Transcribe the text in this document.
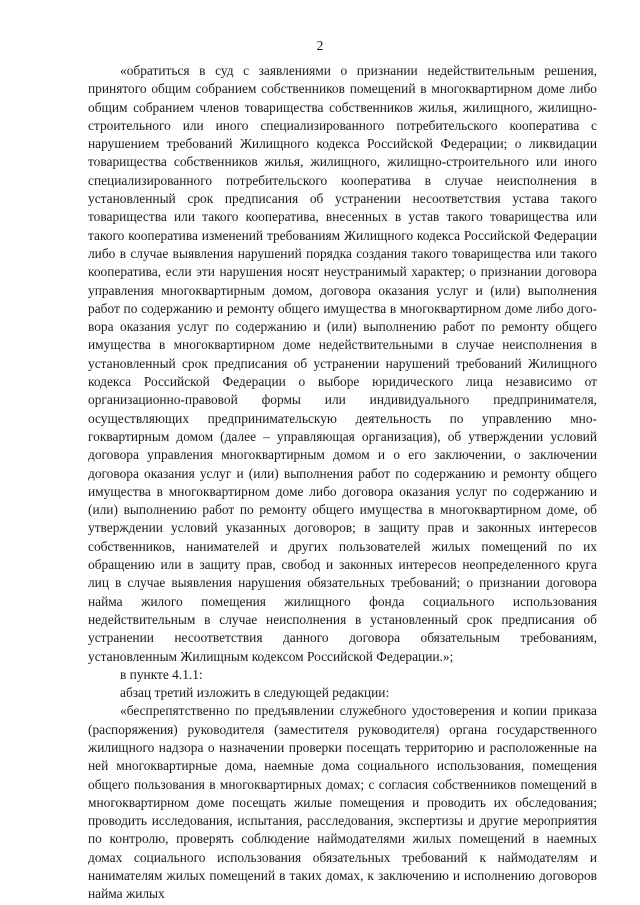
2

«обратиться в суд с заявлениями о признании недействительным решения, принятого общим собранием собственников помещений в многоквартирном доме либо общим собранием членов товарищества собственников жилья, жилищного, жилищно-строительного или иного специализированного потребительского кооператива с нарушением требований Жилищного кодекса Российской Федерации; о ликвидации товарищества собственников жилья, жилищного, жилищно-строительного или иного специализированного потребительского кооператива в случае неисполнения в установленный срок предписания об устранении несоответствия устава такого товарищества или такого кооператива, внесенных в устав такого товарищества или такого кооператива изменений требованиям Жилищного кодекса Российской Федерации либо в случае выявления нарушений порядка создания такого товарищества или такого кооператива, если эти нарушения носят неустранимый характер; о признании договора управления многоквартирным домом, договора оказания услуг и (или) выполнения работ по содержанию и ремонту общего имущества в многоквартирном доме либо договора оказания услуг по содержанию и (или) выполнению работ по ремонту общего имущества в многоквартирном доме недействительными в случае неисполнения в установленный срок предписания об устранении нарушений требований Жилищного кодекса Российской Федерации о выборе юридического лица независимо от организационно-правовой формы или индивидуального предпринимателя, осуществляющих предпринимательскую деятельность по управлению многоквартирным домом (далее – управляющая организация), об утверждении условий договора управления многоквартирным домом и о его заключении, о заключении договора оказания услуг и (или) выполнения работ по содержанию и ремонту общего имущества в многоквартирном доме либо договора оказания услуг по содержанию и (или) выполнению работ по ремонту общего имущества в многоквартирном доме, об утверждении условий указанных договоров; в защиту прав и законных интересов собственников, нанимателей и других пользователей жилых помещений по их обращению или в защиту прав, свобод и законных интересов неопределенного круга лиц в случае выявления нарушения обязательных требований; о признании договора найма жилого помещения жилищного фонда социального использования недействительным в случае неисполнения в установленный срок предписания об устранении несоответствия данного договора обязательным требованиям, установленным Жилищным кодексом Российской Федерации.»;

в пункте 4.1.1:

абзац третий изложить в следующей редакции:

«беспрепятственно по предъявлении служебного удостоверения и копии приказа (распоряжения) руководителя (заместителя руководителя) органа государственного жилищного надзора о назначении проверки посещать территорию и расположенные на ней многоквартирные дома, наемные дома социального использования, помещения общего пользования в многоквартирных домах; с согласия собственников помещений в многоквартирном доме посещать жилые помещения и проводить их обследования; проводить исследования, испытания, расследования, экспертизы и другие мероприятия по контролю, проверять соблюдение наймодателями жилых помещений в наемных домах социального использования обязательных требований к наймодателям и нанимателям жилых помещений в таких домах, к заключению и исполнению договоров найма жилых
